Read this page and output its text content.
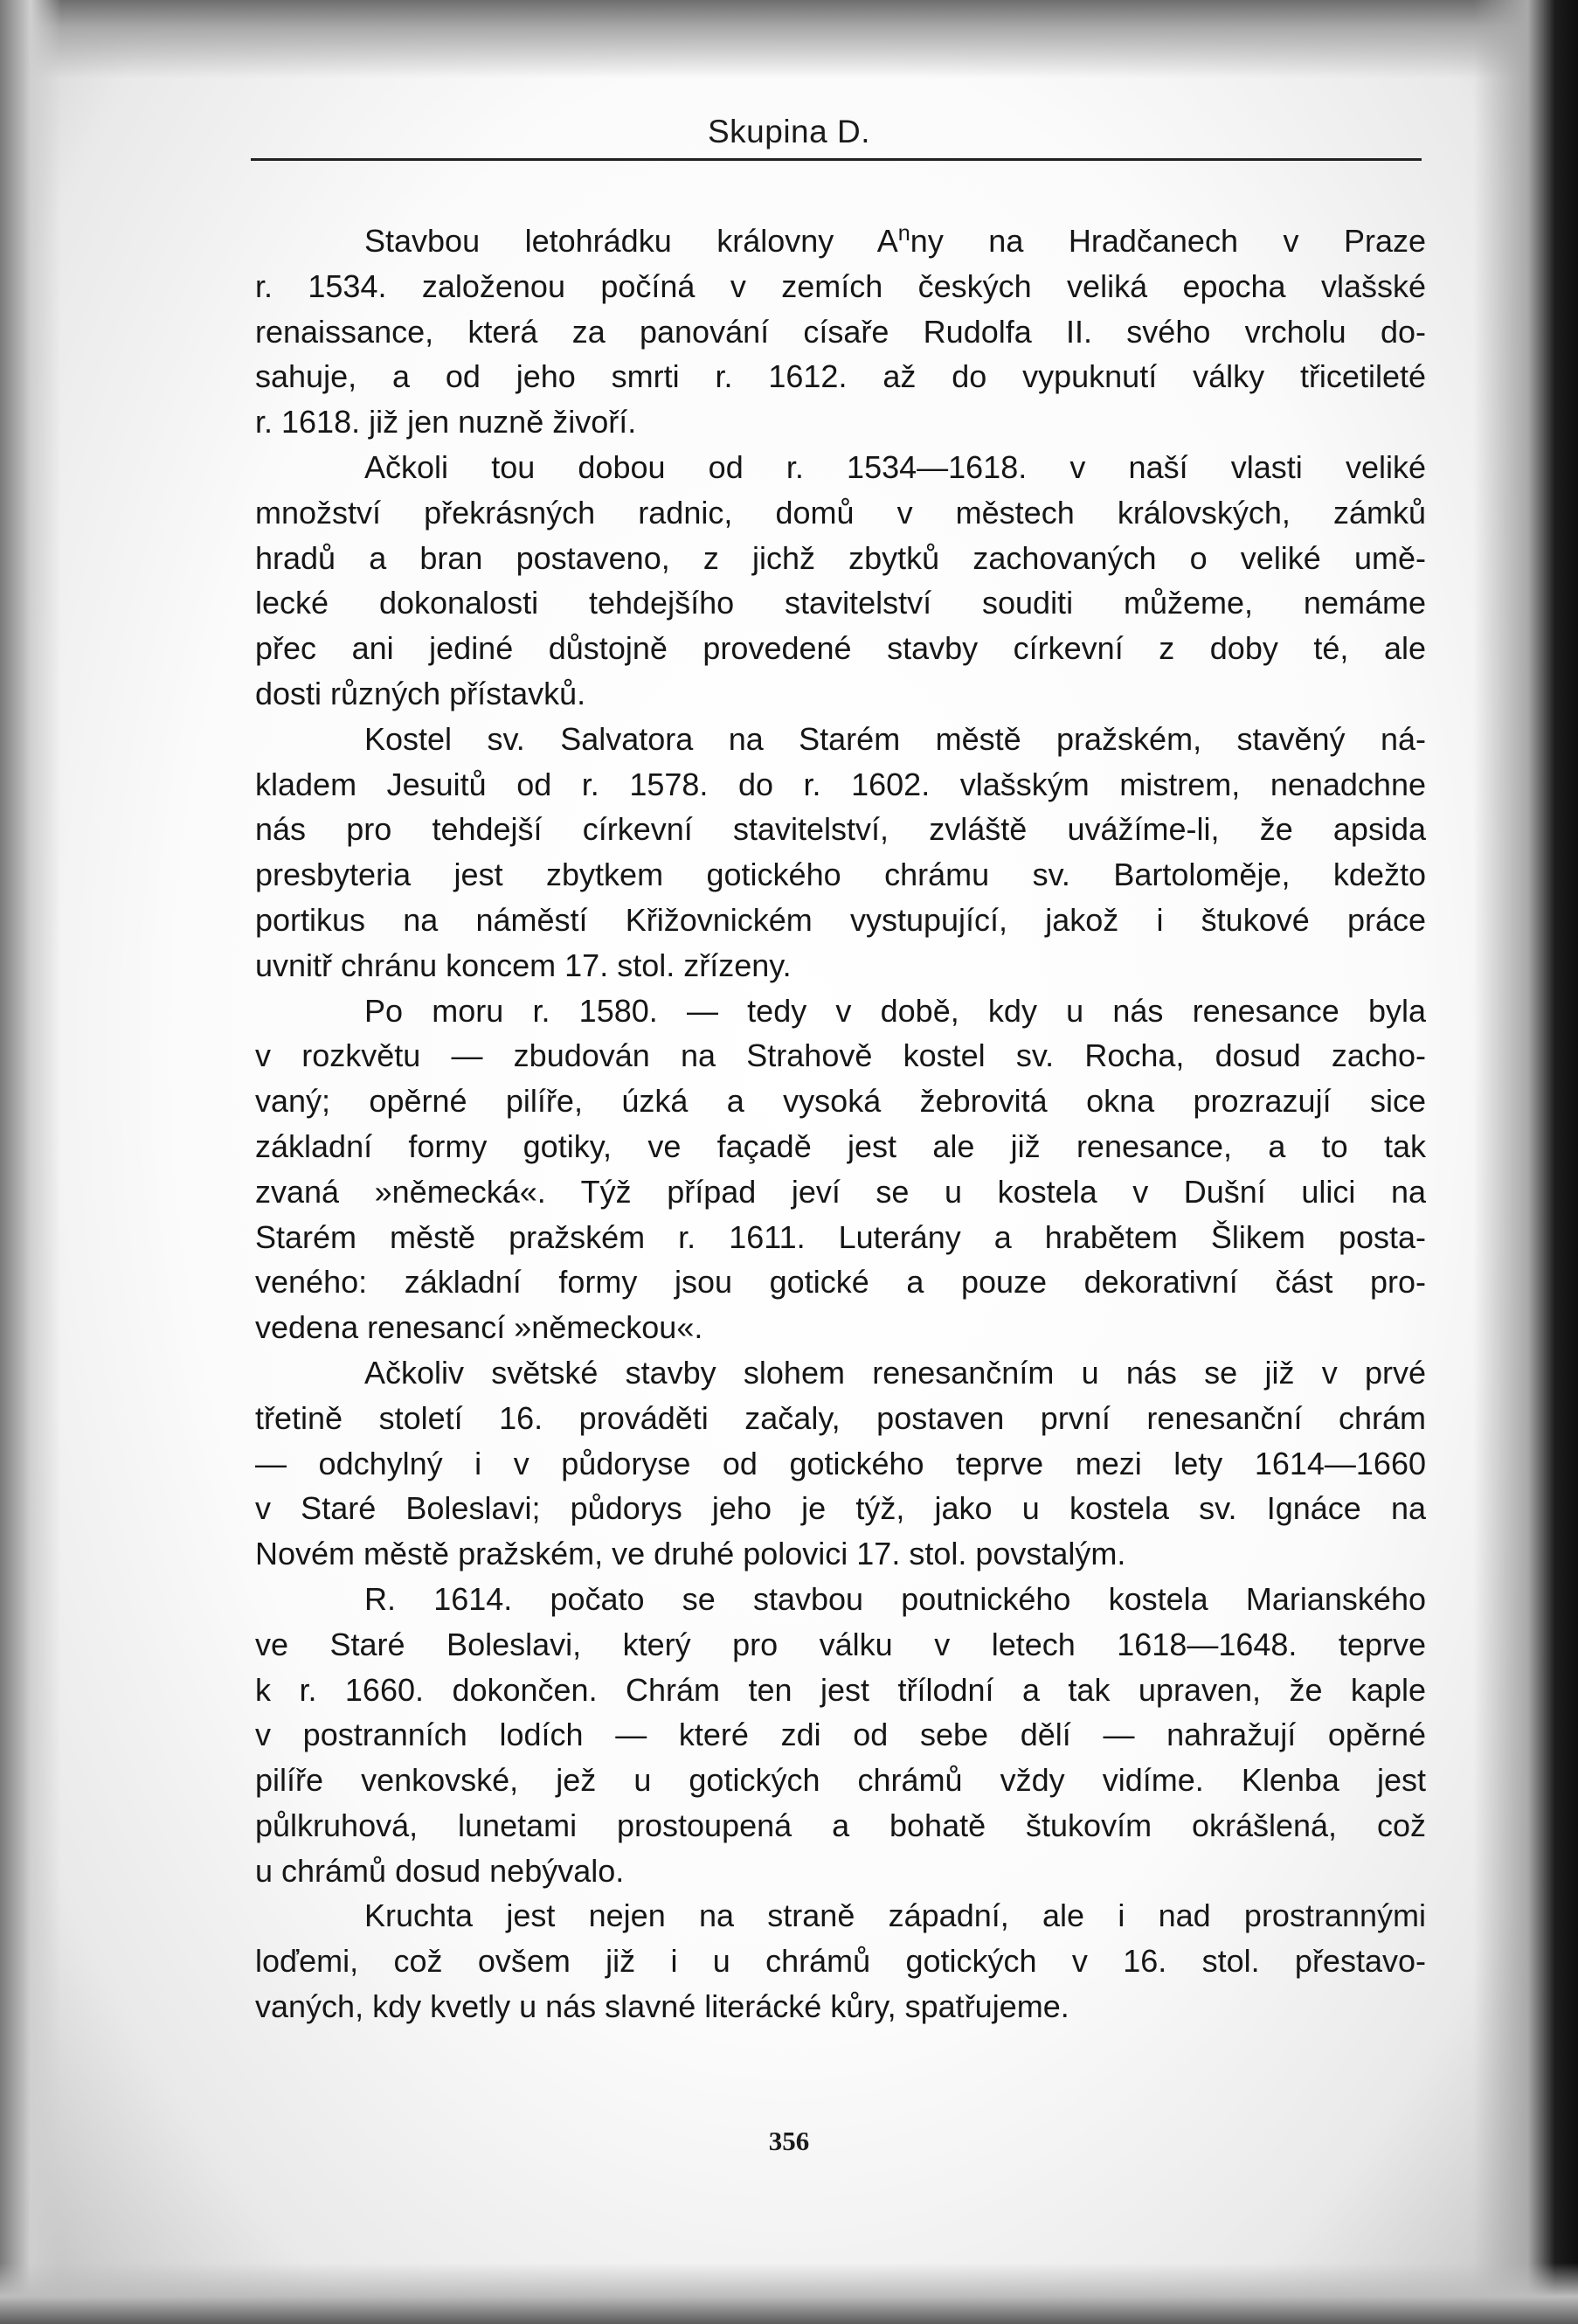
Skupina D.
Stavbou letohrádku královny $A^nny$ na Hradčanech v Praze
r. 1534. založenou počíná v zemích českých veliká epocha vlašské
renaissance, která za panování císaře Rudolfa II. svého vrcholu do-
sahuje, a od jeho smrti r. 1612. až do vypuknutí války třicetileté
r. 1618. již jen nuzně živoří.
Ačkoli tou dobou od r. 1534—1618. v naší vlasti veliké
množství překrásných radnic, domů v městech královských, zámků
hradů a bran postaveno, z jichž zbytků zachovaných o veliké umě-
lecké dokonalosti tehdejšího stavitelství souditi můžeme, nemáme
přec ani jediné důstojně provedené stavby církevní z doby té, ale
dosti různých přístavků.
Kostel sv. Salvatora na Starém městě pražském, stavěný ná-
kladem Jesuitů od r. 1578. do r. 1602. vlašským mistrem, nenadchne
nás pro tehdejší církevní stavitelství, zvláště uvážíme-li, že apsida
presbyteria jest zbytkem gotického chrámu sv. Bartoloměje, kdežto
portikus na náměstí Křižovnickém vystupující, jakož i štukové práce
uvnitř chránu koncem 17. stol. zřízeny.
Po moru r. 1580. — tedy v době, kdy u nás renesance byla
v rozkvětu — zbudován na Strahově kostel sv. Rocha, dosud zacho-
vaný; opěrné pilíře, úzká a vysoká žebrovitá okna prozrazují sice
základní formy gotiky, ve façadě jest ale již renesance, a to tak
zvaná »německá«. Týž případ jeví se u kostela v Dušní ulici na
Starém městě pražském r. 1611. Luterány a hrabětem Šlikem posta-
veného: základní formy jsou gotické a pouze dekorativní část pro-
vedena renesancí »německou«.
Ačkoliv světské stavby slohem renesančním u nás se již v prvé
třetině století 16. prováděti začaly, postaven první renesanční chrám
— odchylný i v půdoryse od gotického teprve mezi lety 1614—1660
v Staré Boleslavi; půdorys jeho je týž, jako u kostela sv. Ignáce na
Novém městě pražském, ve druhé polovici 17. stol. povstalým.
R. 1614. počato se stavbou poutnického kostela Marianského
ve Staré Boleslavi, který pro válku v letech 1618—1648. teprve
k r. 1660. dokončen. Chrám ten jest třílodní a tak upraven, že kaple
v postranních lodích — které zdi od sebe dělí — nahražují opěrné
pilíře venkovské, jež u gotických chrámů vždy vidíme. Klenba jest
půlkruhová, lunetami prostoupená a bohatě štukovím okrášlená, což
u chrámů dosud nebývalo.
Kruchta jest nejen na straně západní, ale i nad prostrannými
loďemi, což ovšem již i u chrámů gotických v 16. stol. přestavo-
vaných, kdy kvetly u nás slavné literácké kůry, spatřujeme.
356
